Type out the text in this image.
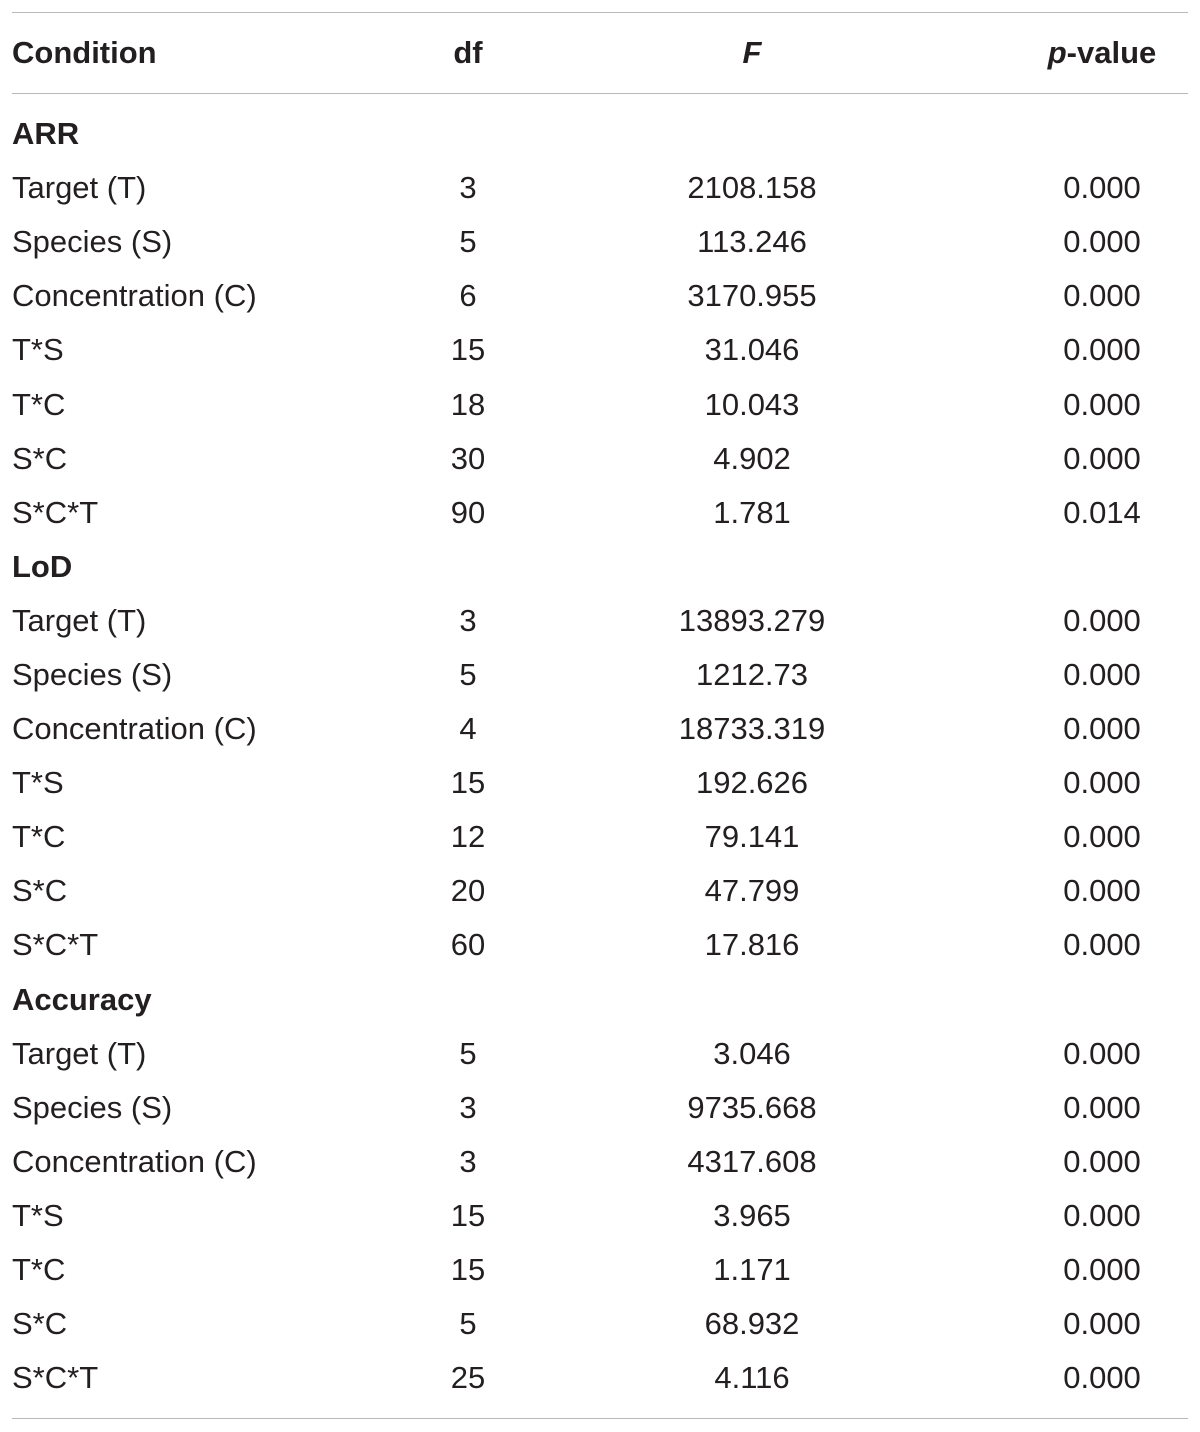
Condition	df	F	p -value
ARR
Target (T)	3	2108.158	0.000
Species (S)	5	113.246	0.000
Concentration (C)	6	3170.955	0.000
T*S	15	31.046	0.000
T*C	18	10.043	0.000
S*C	30	4.902	0.000
S*C*T	90	1.781	0.014
LoD
Target (T)	3	13893.279	0.000
Species (S)	5	1212.73	0.000
Concentration (C)	4	18733.319	0.000
T*S	15	192.626	0.000
T*C	12	79.141	0.000
S*C	20	47.799	0.000
S*C*T	60	17.816	0.000
Accuracy
Target (T)	5	3.046	0.000
Species (S)	3	9735.668	0.000
Concentration (C)	3	4317.608	0.000
T*S	15	3.965	0.000
T*C	15	1.171	0.000
S*C	5	68.932	0.000
S*C*T	25	4.116	0.000
